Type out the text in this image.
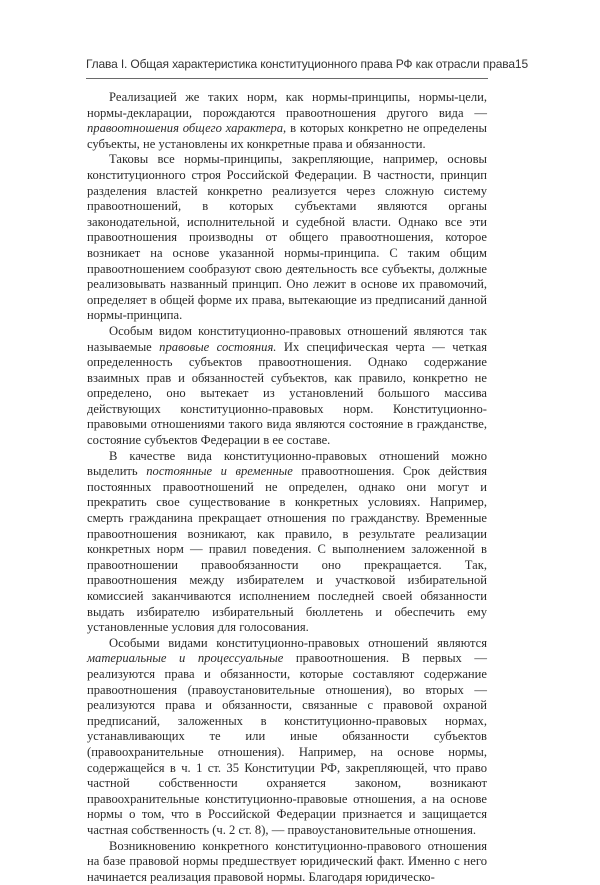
Глава I. Общая характеристика конституционного права РФ как отрасли права 15

Реализацией же таких норм, как нормы-принципы, нормы-цели, нормы-декларации, порождаются правоотношения другого вида — правоотношения общего характера, в которых конкретно не определены субъекты, не установлены их конкретные права и обязанности.

Таковы все нормы-принципы, закрепляющие, например, основы конституционного строя Российской Федерации. В частности, принцип разделения властей конкретно реализуется через сложную систему правоотношений, в которых субъектами являются органы законодательной, исполнительной и судебной власти. Однако все эти правоотношения производны от общего правоотношения, которое возникает на основе указанной нормы-принципа. С таким общим правоотношением сообразуют свою деятельность все субъекты, должные реализовывать названный принцип. Оно лежит в основе их правомочий, определяет в общей форме их права, вытекающие из предписаний данной нормы-принципа.

Особым видом конституционно-правовых отношений являются так называемые правовые состояния. Их специфическая черта — четкая определенность субъектов правоотношения. Однако содержание взаимных прав и обязанностей субъектов, как правило, конкретно не определено, оно вытекает из установлений большого массива действующих конституционно-правовых норм. Конституционно-правовыми отношениями такого вида являются состояние в гражданстве, состояние субъектов Федерации в ее составе.

В качестве вида конституционно-правовых отношений можно выделить постоянные и временные правоотношения. Срок действия постоянных правоотношений не определен, однако они могут и прекратить свое существование в конкретных условиях. Например, смерть гражданина прекращает отношения по гражданству. Временные правоотношения возникают, как правило, в результате реализации конкретных норм — правил поведения. С выполнением заложенной в правоотношении правообязанности оно прекращается. Так, правоотношения между избирателем и участковой избирательной комиссией заканчиваются исполнением последней своей обязанности выдать избирателю избирательный бюллетень и обеспечить ему установленные условия для голосования.

Особыми видами конституционно-правовых отношений являются материальные и процессуальные правоотношения. В первых — реализуются права и обязанности, которые составляют содержание правоотношения (правоустановительные отношения), во вторых — реализуются права и обязанности, связанные с правовой охраной предписаний, заложенных в конституционно-правовых нормах, устанавливающих те или иные обязанности субъектов (правоохранительные отношения). Например, на основе нормы, содержащейся в ч. 1 ст. 35 Конституции РФ, закрепляющей, что право частной собственности охраняется законом, возникают правоохранительные конституционно-правовые отношения, а на основе нормы о том, что в Российской Федерации признается и защищается частная собственность (ч. 2 ст. 8), — правоустановительные отношения.

Возникновению конкретного конституционно-правового отношения на базе правовой нормы предшествует юридический факт. Именно с него начинается реализация правовой нормы. Благодаря юридическо-
